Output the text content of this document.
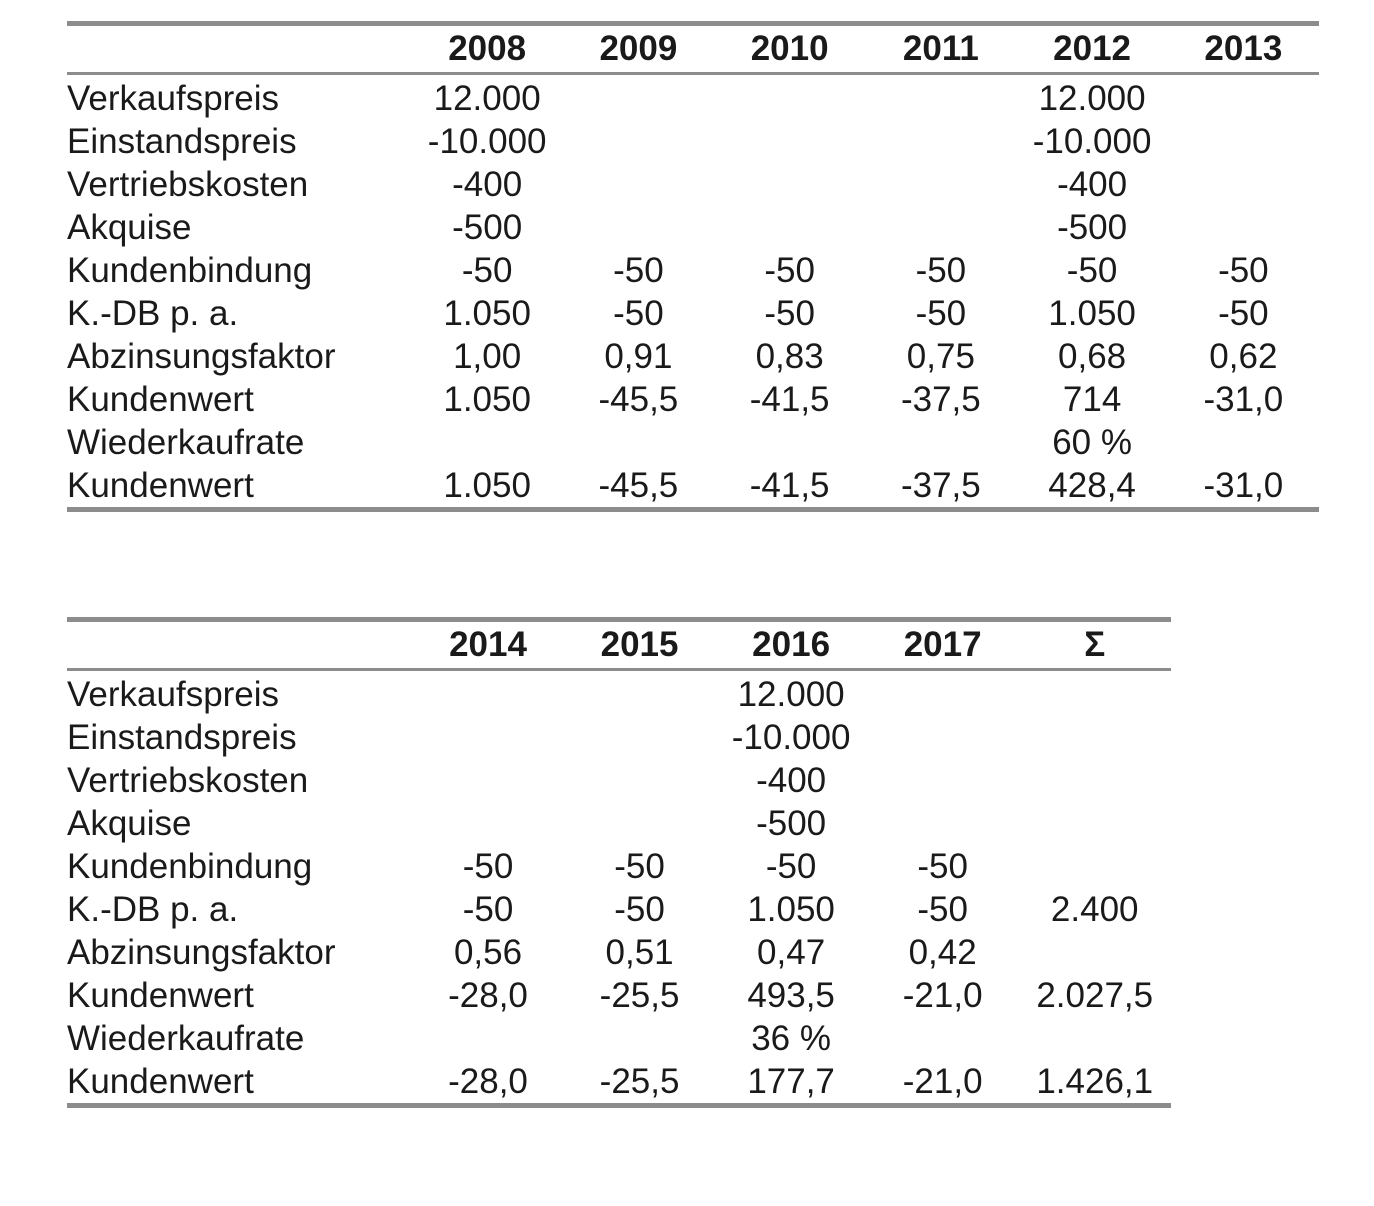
	2008	2009	2010	2011	2012	2013
Verkaufspreis	12.000				12.000	
Einstandspreis	-10.000				-10.000	
Vertriebskosten	-400				-400	
Akquise	-500				-500	
Kundenbindung	-50	-50	-50	-50	-50	-50
K.-DB p. a.	1.050	-50	-50	-50	1.050	-50
Abzinsungsfaktor	1,00	0,91	0,83	0,75	0,68	0,62
Kundenwert	1.050	-45,5	-41,5	-37,5	714	-31,0
Wiederkaufrate					60 %	
Kundenwert	1.050	-45,5	-41,5	-37,5	428,4	-31,0

	2014	2015	2016	2017	Σ
Verkaufspreis			12.000		
Einstandspreis			-10.000		
Vertriebskosten			-400		
Akquise			-500		
Kundenbindung	-50	-50	-50	-50	
K.-DB p. a.	-50	-50	1.050	-50	2.400
Abzinsungsfaktor	0,56	0,51	0,47	0,42	
Kundenwert	-28,0	-25,5	493,5	-21,0	2.027,5
Wiederkaufrate			36 %		
Kundenwert	-28,0	-25,5	177,7	-21,0	1.426,1
